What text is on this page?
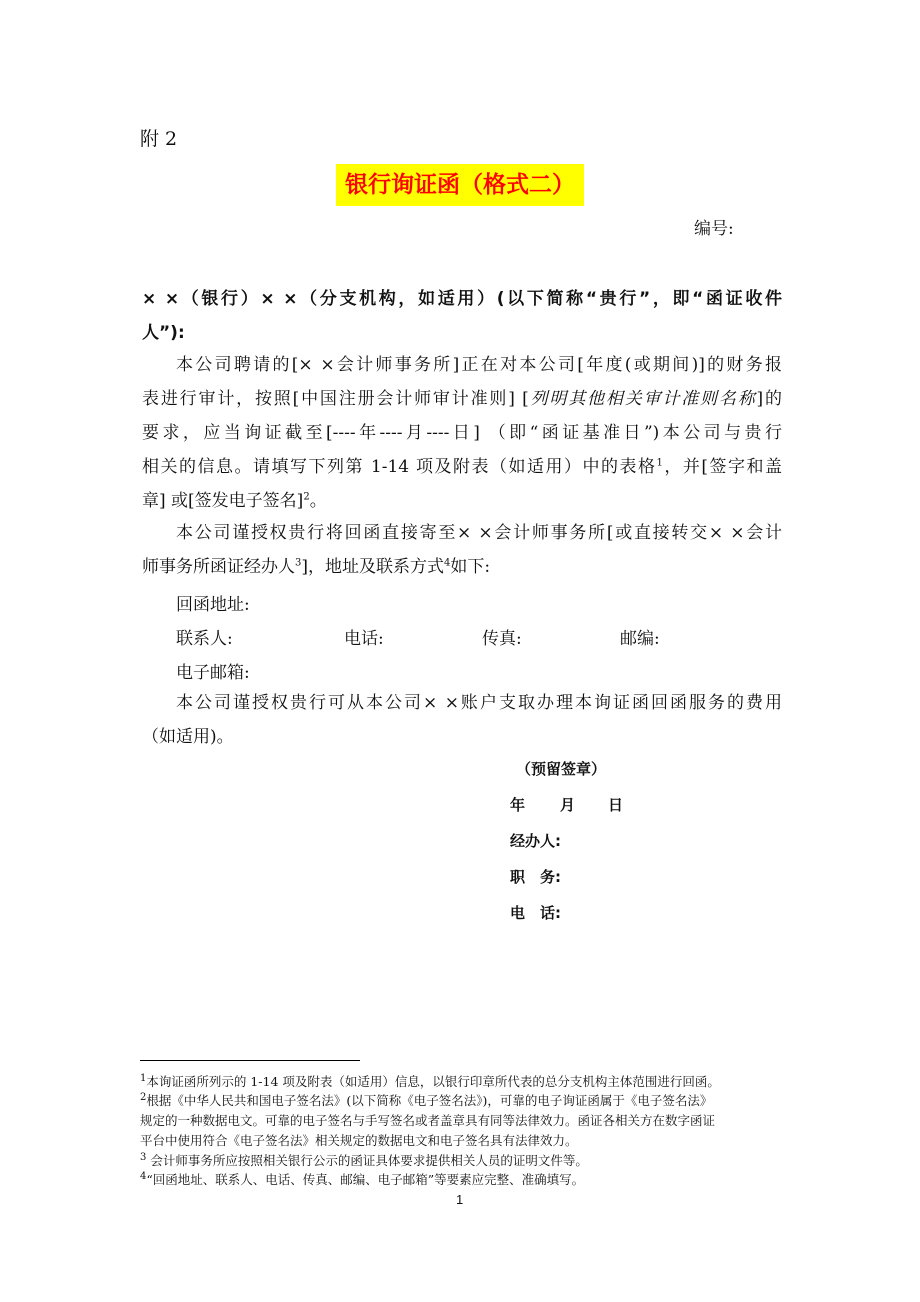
附 2
银行询证函（格式二）
编号:
× ×（银行）× ×（分支机构，如适用）(以下简称“贵行”，即“函证收件
人”):
本公司聘请的[× ×会计师事务所]正在对本公司[年度(或期间)]的财务报
表进行审计，按照[中国注册会计师审计准则] [列明其他相关审计准则名称]的
要求，应当询证截至[----年----月----日] （即“函证基准日”)本公司与贵行
相关的信息。请填写下列第 1-14 项及附表（如适用）中的表格$^1$，并[签字和盖
章] 或[签发电子签名]$^2$。
本公司谨授权贵行将回函直接寄至× ×会计师事务所[或直接转交× ×会计
师事务所函证经办人$^3$]，地址及联系方式$^4$如下:
回函地址:
联系人:	电话:	传真:	邮编:
电子邮箱:
本公司谨授权贵行可从本公司× ×账户支取办理本询证函回函服务的费用
（如适用)。
（预留签章）
年 月 日
经办人:
职　务:
电　话:
$^1$本询证函所列示的 1-14 项及附表（如适用）信息，以银行印章所代表的总分支机构主体范围进行回函。
$^2$根据《中华人民共和国电子签名法》(以下简称《电子签名法》)，可靠的电子询证函属于《电子签名法》
规定的一种数据电文。可靠的电子签名与手写签名或者盖章具有同等法律效力。函证各相关方在数字函证
平台中使用符合《电子签名法》相关规定的数据电文和电子签名具有法律效力。
$^3$ 会计师事务所应按照相关银行公示的函证具体要求提供相关人员的证明文件等。
$^4$“回函地址、联系人、电话、传真、邮编、电子邮箱”等要素应完整、准确填写。
1
